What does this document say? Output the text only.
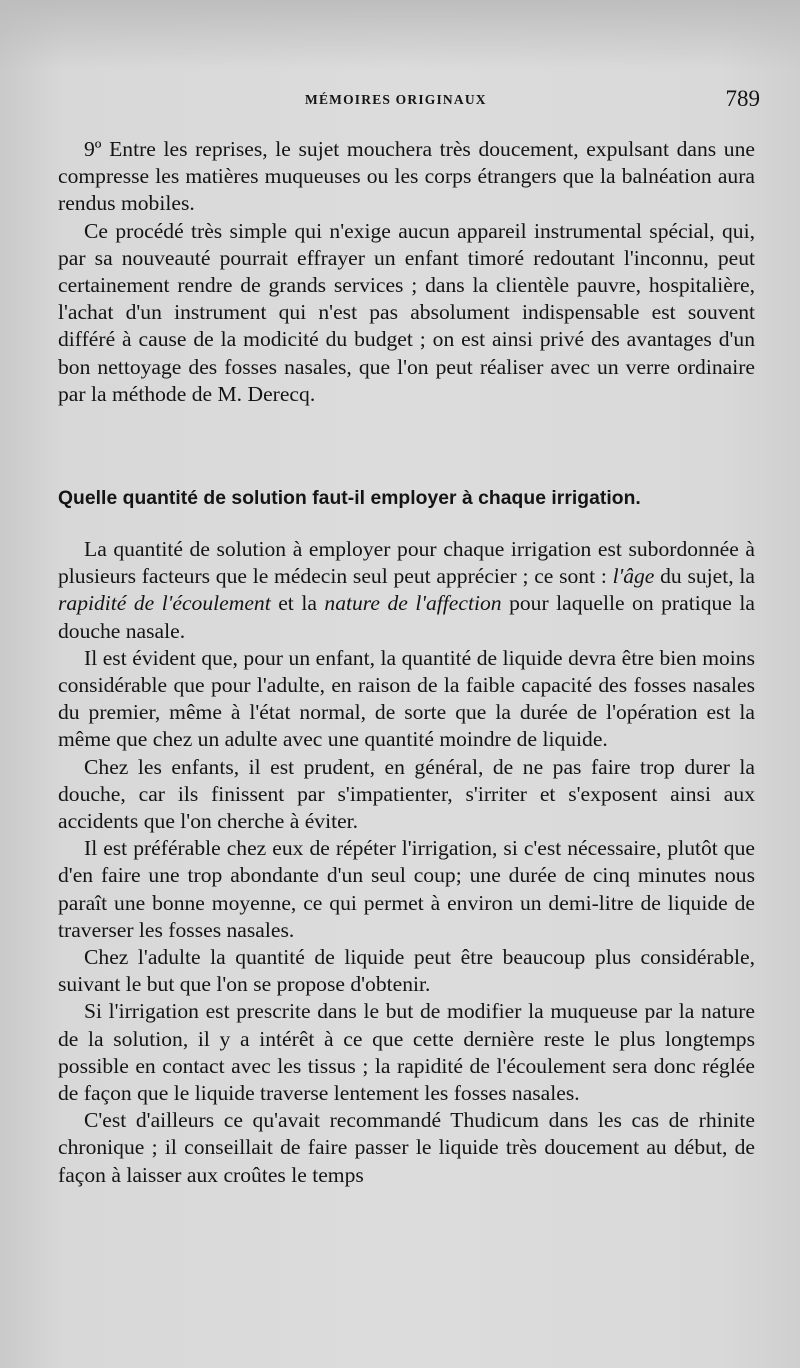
MÉMOIRES ORIGINAUX	789

9º Entre les reprises, le sujet mouchera très doucement, expulsant dans une compresse les matières muqueuses ou les corps étrangers que la balnéation aura rendus mobiles.

Ce procédé très simple qui n'exige aucun appareil instrumental spécial, qui, par sa nouveauté pourrait effrayer un enfant timoré redoutant l'inconnu, peut certainement rendre de grands services ; dans la clientèle pauvre, hospitalière, l'achat d'un instrument qui n'est pas absolument indispensable est souvent différé à cause de la modicité du budget ; on est ainsi privé des avantages d'un bon nettoyage des fosses nasales, que l'on peut réaliser avec un verre ordinaire par la méthode de M. Derecq.

Quelle quantité de solution faut-il employer à chaque irrigation.

La quantité de solution à employer pour chaque irrigation est subordonnée à plusieurs facteurs que le médecin seul peut apprécier ; ce sont : l'âge du sujet, la rapidité de l'écoulement et la nature de l'affection pour laquelle on pratique la douche nasale.

Il est évident que, pour un enfant, la quantité de liquide devra être bien moins considérable que pour l'adulte, en raison de la faible capacité des fosses nasales du premier, même à l'état normal, de sorte que la durée de l'opération est la même que chez un adulte avec une quantité moindre de liquide.

Chez les enfants, il est prudent, en général, de ne pas faire trop durer la douche, car ils finissent par s'impatienter, s'irriter et s'exposent ainsi aux accidents que l'on cherche à éviter.

Il est préférable chez eux de répéter l'irrigation, si c'est nécessaire, plutôt que d'en faire une trop abondante d'un seul coup; une durée de cinq minutes nous paraît une bonne moyenne, ce qui permet à environ un demi-litre de liquide de traverser les fosses nasales.

Chez l'adulte la quantité de liquide peut être beaucoup plus considérable, suivant le but que l'on se propose d'obtenir.

Si l'irrigation est prescrite dans le but de modifier la muqueuse par la nature de la solution, il y a intérêt à ce que cette dernière reste le plus longtemps possible en contact avec les tissus ; la rapidité de l'écoulement sera donc réglée de façon que le liquide traverse lentement les fosses nasales.

C'est d'ailleurs ce qu'avait recommandé Thudicum dans les cas de rhinite chronique ; il conseillait de faire passer le liquide très doucement au début, de façon à laisser aux croûtes le temps
